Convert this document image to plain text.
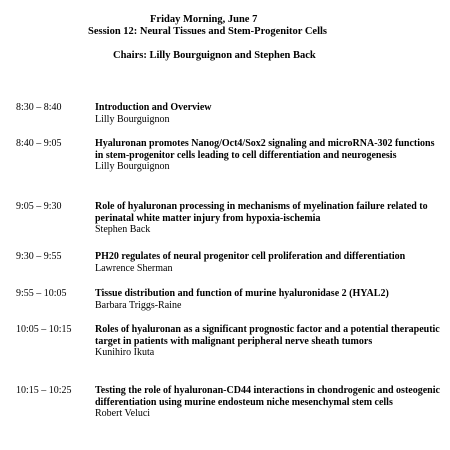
Friday Morning, June 7
Session 12: Neural Tissues and Stem-Progenitor Cells
Chairs: Lilly Bourguignon and Stephen Back
8:30 – 8:40	Introduction and Overview
Lilly Bourguignon
8:40 – 9:05	Hyaluronan promotes Nanog/Oct4/Sox2 signaling and microRNA-302 functions in stem-progenitor cells leading to cell differentiation and neurogenesis
Lilly Bourguignon
9:05 – 9:30	Role of hyaluronan processing in mechanisms of myelination failure related to perinatal white matter injury from hypoxia-ischemia
Stephen Back
9:30 – 9:55	PH20 regulates of neural progenitor cell proliferation and differentiation
Lawrence Sherman
9:55 – 10:05	Tissue distribution and function of murine hyaluronidase 2 (HYAL2)
Barbara Triggs-Raine
10:05 – 10:15 Roles of hyaluronan as a significant prognostic factor and a potential therapeutic target in patients with malignant peripheral nerve sheath tumors
Kunihiro Ikuta
10:15 – 10:25 Testing the role of hyaluronan-CD44 interactions in chondrogenic and osteogenic differentiation using murine endosteum niche mesenchymal stem cells
Robert Veluci
